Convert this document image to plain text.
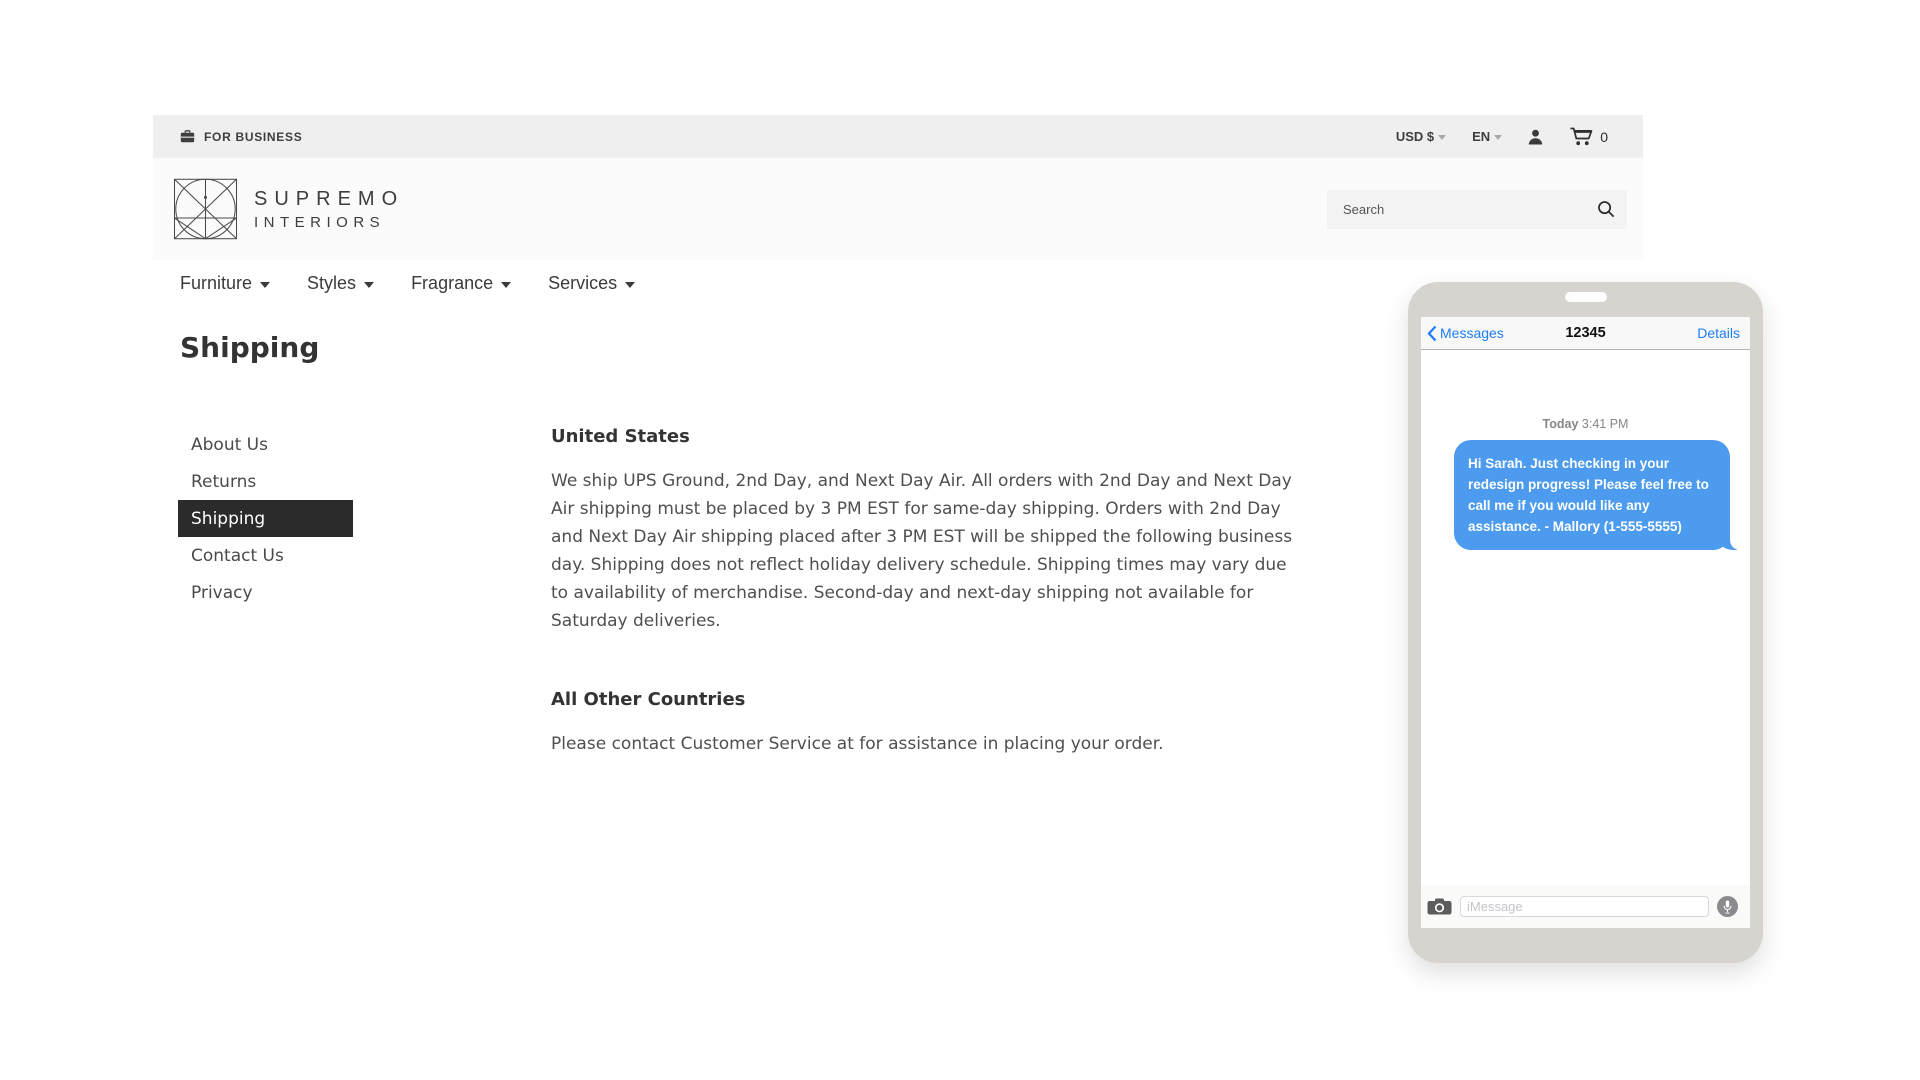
FOR BUSINESS	USD $	EN	0
SUPREMO
INTERIORS
Search
Furniture	Styles	Fragrance	Services
Shipping
About Us
Returns
Shipping
Contact Us
Privacy
United States

We ship UPS Ground, 2nd Day, and Next Day Air. All orders with 2nd Day and Next Day Air shipping must be placed by 3 PM EST for same-day shipping. Orders with 2nd Day and Next Day Air shipping placed after 3 PM EST will be shipped the following business day. Shipping does not reflect holiday delivery schedule. Shipping times may vary due to availability of merchandise. Second-day and next-day shipping not available for Saturday deliveries.

All Other Countries

Please contact Customer Service at for assistance in placing your order.

12345
Messages	Details
Today 3:41 PM
Hi Sarah. Just checking in your redesign progress! Please feel free to call me if you would like any assistance. - Mallory (1-555-5555)
iMessage
